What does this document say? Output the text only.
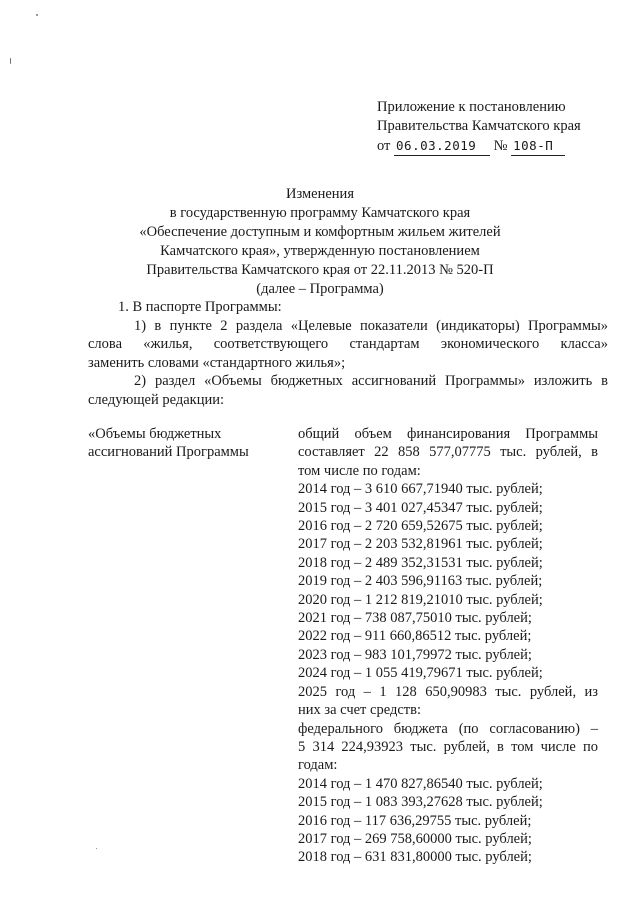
Приложение к постановлению
Правительства Камчатского края
от 06.03.2019 № 108-П
Изменения
в государственную программу Камчатского края
«Обеспечение доступным и комфортным жильем жителей
Камчатского края», утвержденную постановлением
Правительства Камчатского края от 22.11.2013 № 520-П
(далее – Программа)
1. В паспорте Программы:
1) в пункте 2 раздела «Целевые показатели (индикаторы) Программы»
слова «жилья, соответствующего стандартам экономического класса»
заменить словами «стандартного жилья»;
2) раздел «Объемы бюджетных ассигнований Программы» изложить в
следующей редакции:
«Объемы бюджетных
ассигнований Программы
общий объем финансирования Программы
составляет 22 858 577,07775 тыс. рублей, в
том числе по годам:
2014 год – 3 610 667,71940 тыс. рублей;
2015 год – 3 401 027,45347 тыс. рублей;
2016 год – 2 720 659,52675 тыс. рублей;
2017 год – 2 203 532,81961 тыс. рублей;
2018 год – 2 489 352,31531 тыс. рублей;
2019 год – 2 403 596,91163 тыс. рублей;
2020 год – 1 212 819,21010 тыс. рублей;
2021 год – 738 087,75010 тыс. рублей;
2022 год – 911 660,86512 тыс. рублей;
2023 год – 983 101,79972 тыс. рублей;
2024 год – 1 055 419,79671 тыс. рублей;
2025 год – 1 128 650,90983 тыс. рублей, из
них за счет средств:
федерального бюджета (по согласованию) –
5 314 224,93923 тыс. рублей, в том числе по
годам:
2014 год – 1 470 827,86540 тыс. рублей;
2015 год – 1 083 393,27628 тыс. рублей;
2016 год – 117 636,29755 тыс. рублей;
2017 год – 269 758,60000 тыс. рублей;
2018 год – 631 831,80000 тыс. рублей;
